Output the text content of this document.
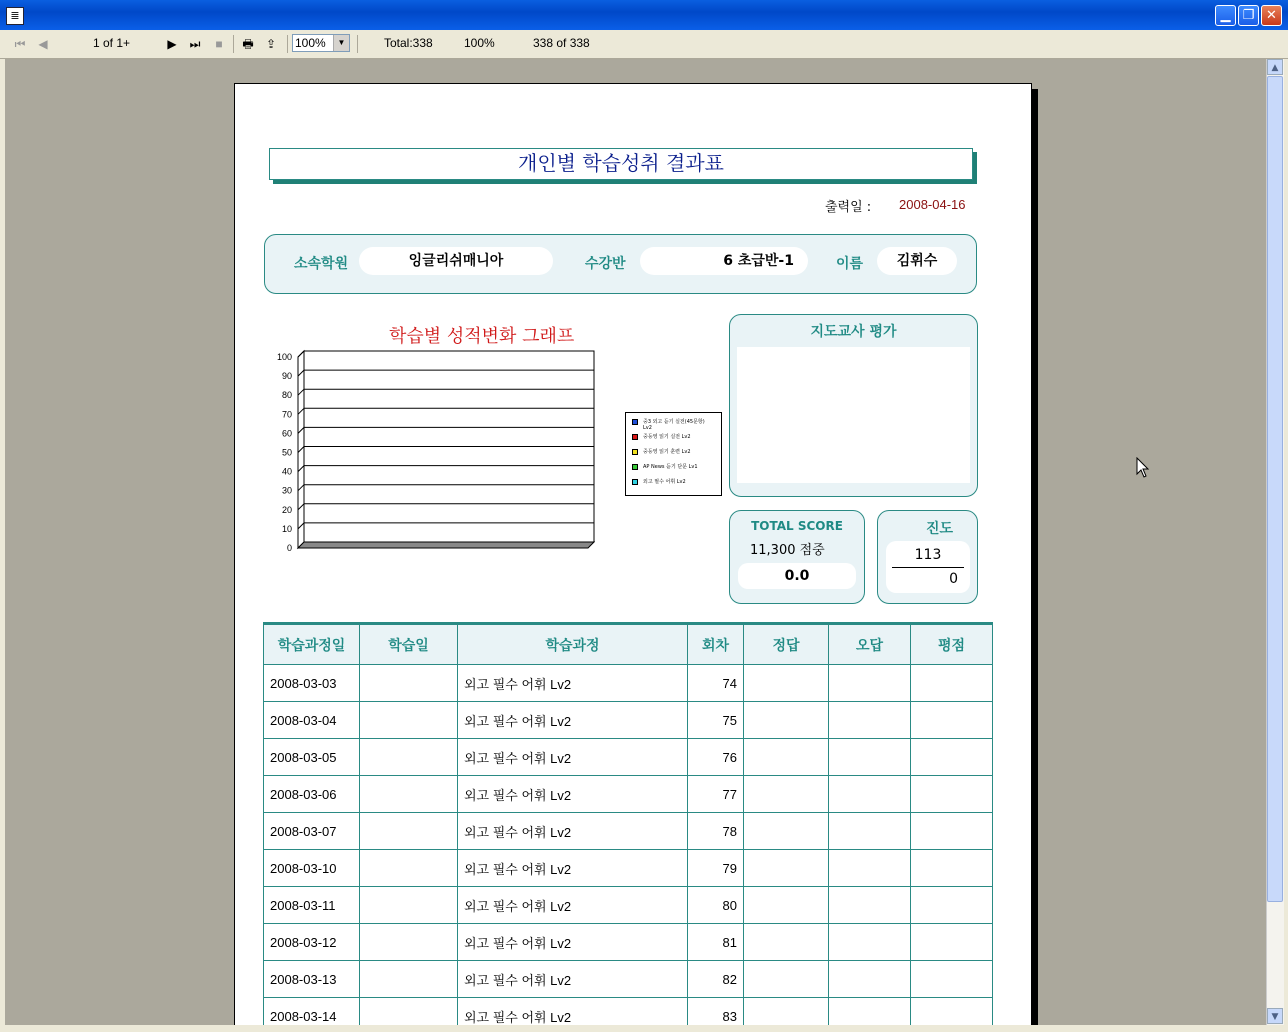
≣	▁ ❐ ✕
⏮ ◀	1 of 1+	▶ ⏭	■	🖶 ⇪ 100%	▼	Total:338	100%	338 of 338
▲
▼
개인별 학습성취 결과표
출력일 : 2008-04-16
소속학원	잉글리쉬매니아	수강반	6 초급반-1	이름	김휘수
학습별 성적변화 그래프
100
90
80
70
60
50
40
30
20
10
0
중3 외고 듣기 실전(45문항) Lv2
중등영 읽기 실전 Lv2
중등영 읽기 훈련 Lv2
AP News 듣기 단문 Lv1
외고 필수 어휘 Lv2
지도교사 평가
TOTAL SCORE
11,300 점중
0.0
진도
113
0
학습과정일	학습일	학습과정	회차	정답	오답	평점
2008-03-03		외고 필수 어휘 Lv2	74			
2008-03-04		외고 필수 어휘 Lv2	75			
2008-03-05		외고 필수 어휘 Lv2	76			
2008-03-06		외고 필수 어휘 Lv2	77			
2008-03-07		외고 필수 어휘 Lv2	78			
2008-03-10		외고 필수 어휘 Lv2	79			
2008-03-11		외고 필수 어휘 Lv2	80			
2008-03-12		외고 필수 어휘 Lv2	81			
2008-03-13		외고 필수 어휘 Lv2	82			
2008-03-14		외고 필수 어휘 Lv2	83			
